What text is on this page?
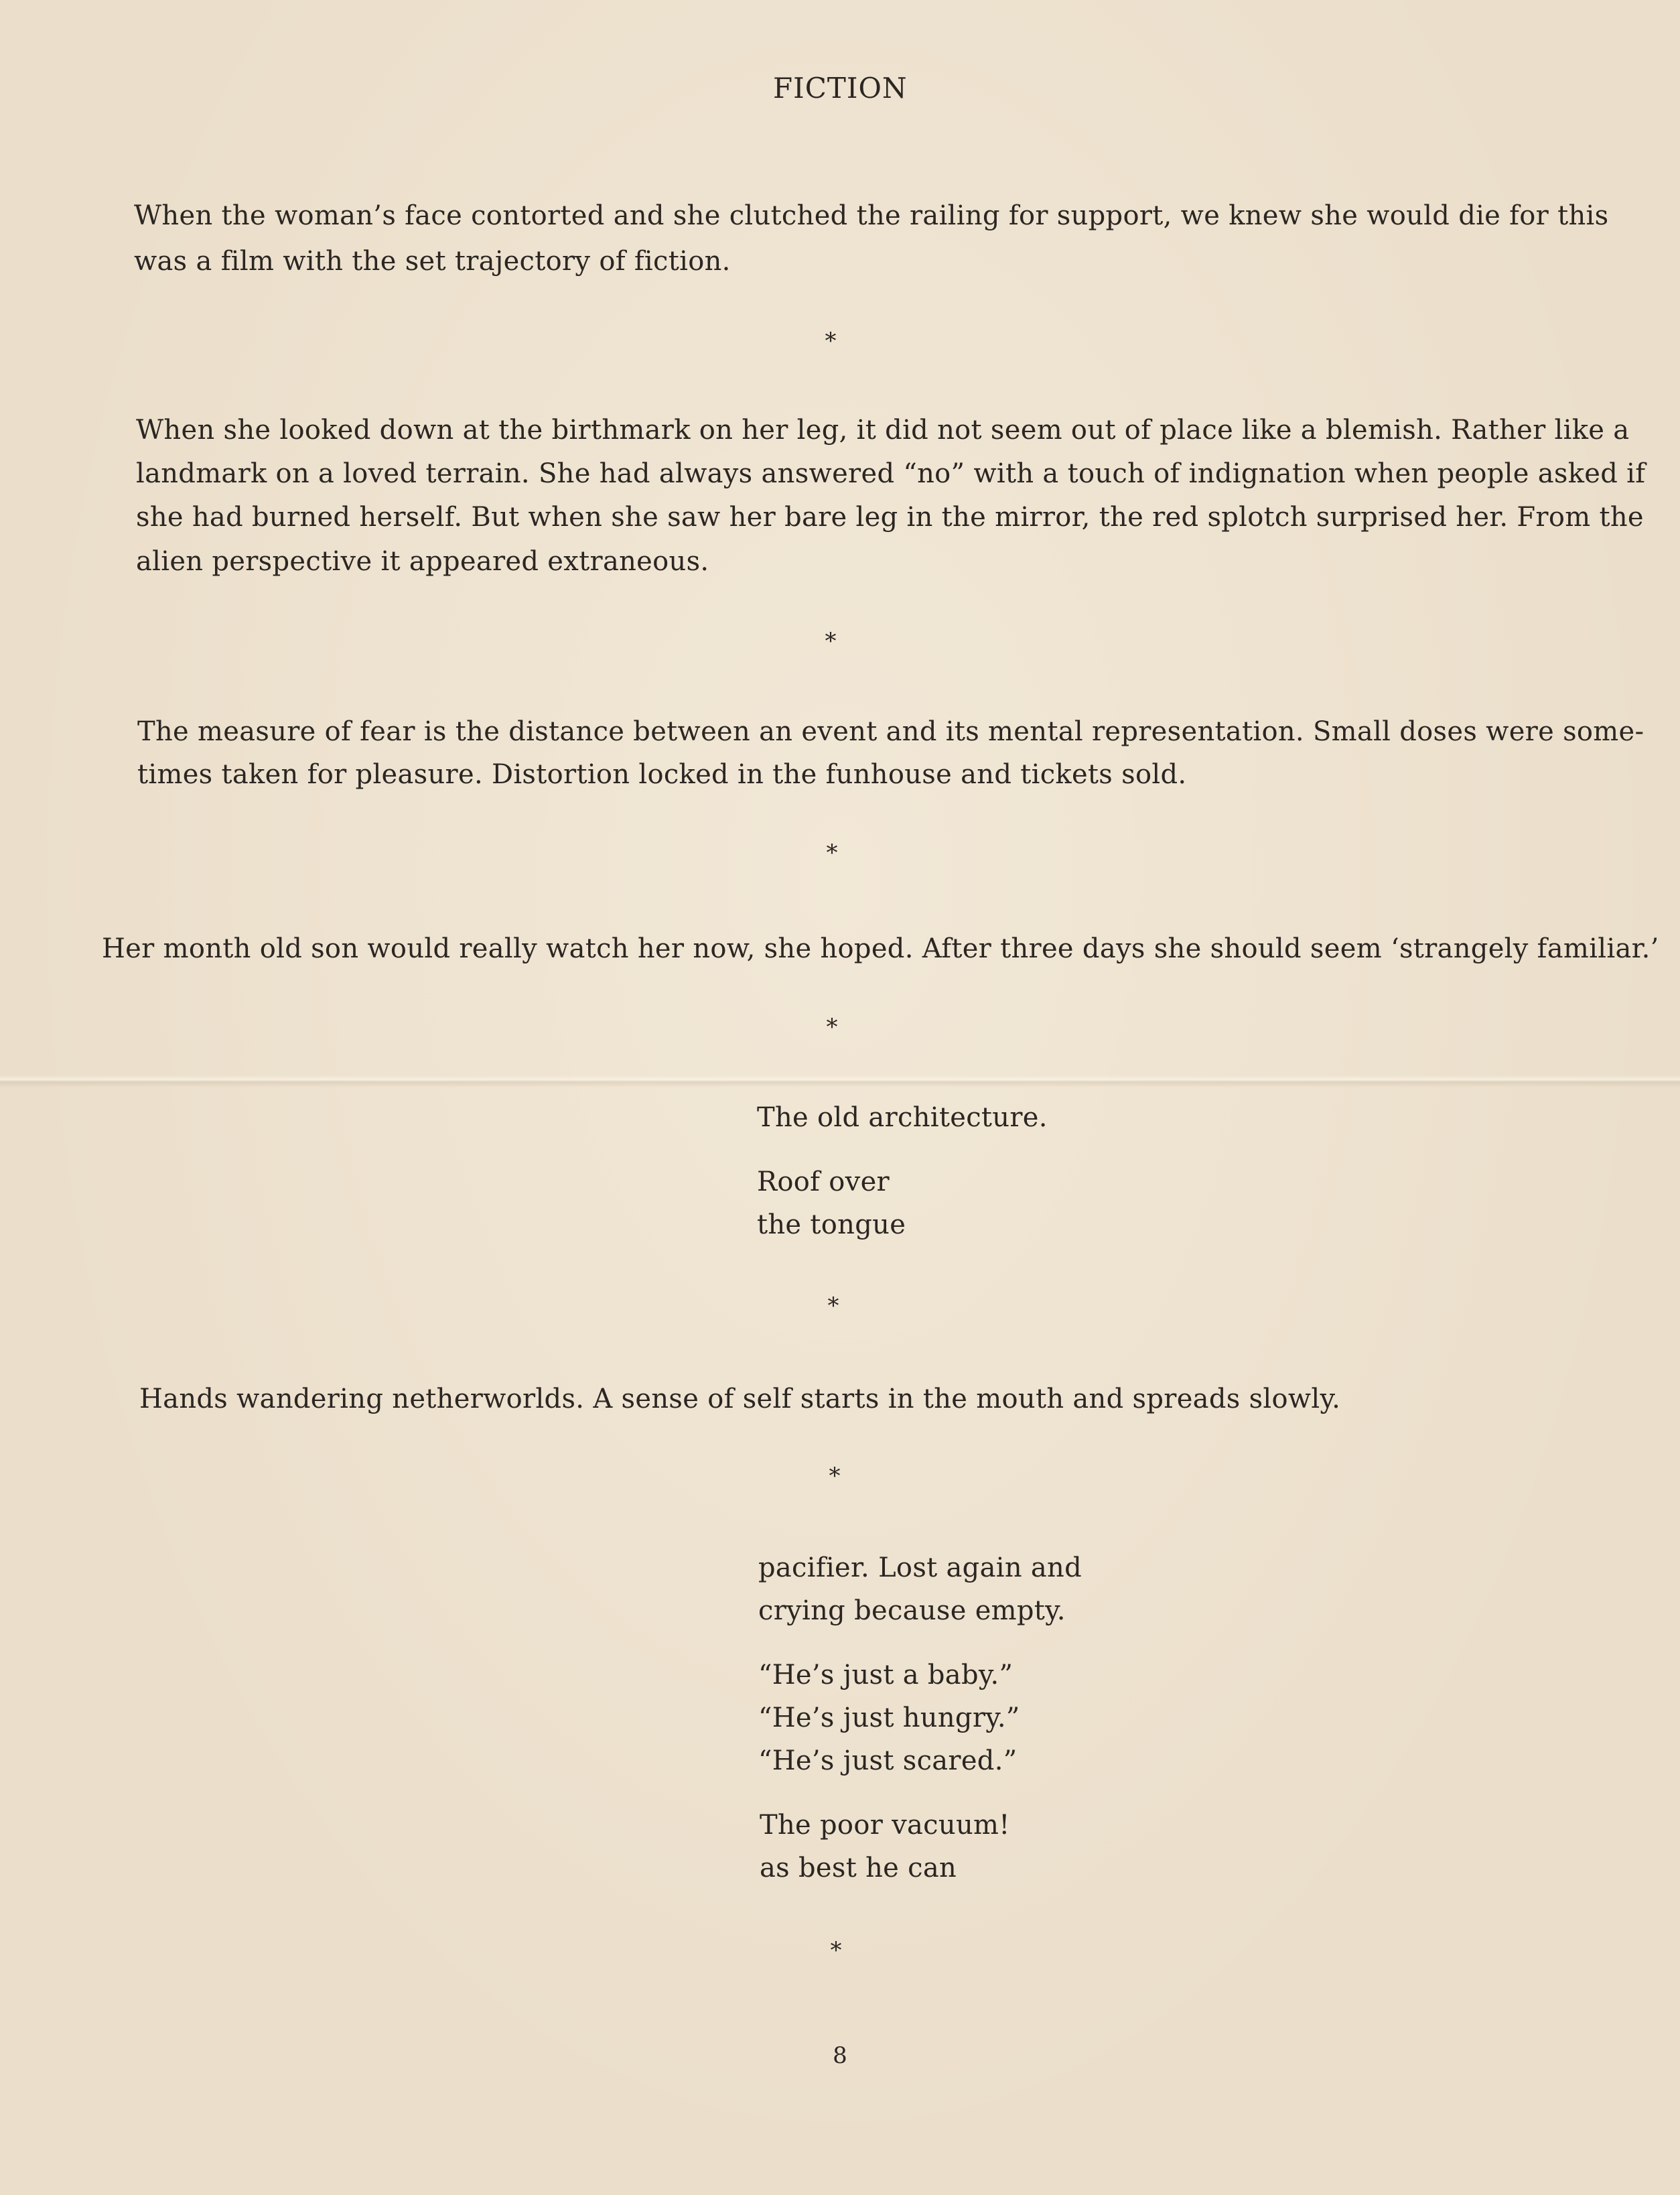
FICTION
When the woman’s face contorted and she clutched the railing for support, we knew she would die for this
was a film with the set trajectory of fiction.
*
When she looked down at the birthmark on her leg, it did not seem out of place like a blemish. Rather like a
landmark on a loved terrain. She had always answered “no” with a touch of indignation when people asked if
she had burned herself. But when she saw her bare leg in the mirror, the red splotch surprised her. From the
alien perspective it appeared extraneous.
*
The measure of fear is the distance between an event and its mental representation. Small doses were some-
times taken for pleasure. Distortion locked in the funhouse and tickets sold.
*
Her month old son would really watch her now, she hoped. After three days she should seem ‘strangely familiar.’
*
The old architecture.
Roof over
the tongue
*
Hands wandering netherworlds. A sense of self starts in the mouth and spreads slowly.
*
pacifier. Lost again and
crying because empty.
“He’s just a baby.”
“He’s just hungry.”
“He’s just scared.”
The poor vacuum!
as best he can
*
8
